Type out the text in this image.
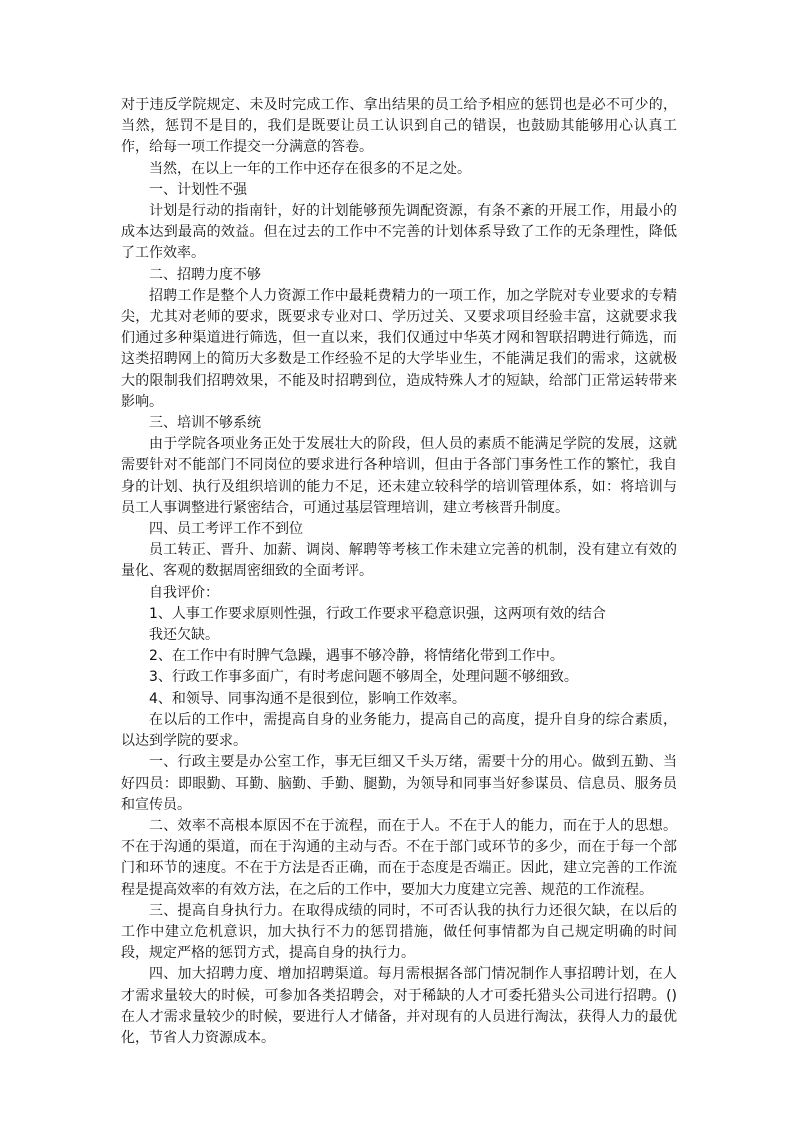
对于违反学院规定、未及时完成工作、拿出结果的员工给予相应的惩罚也是必不可少的，当然，惩罚不是目的，我们是既要让员工认识到自己的错误，也鼓励其能够用心认真工作，给每一项工作提交一分满意的答卷。

当然，在以上一年的工作中还存在很多的不足之处。

一、计划性不强

计划是行动的指南针，好的计划能够预先调配资源，有条不紊的开展工作，用最小的成本达到最高的效益。但在过去的工作中不完善的计划体系导致了工作的无条理性，降低了工作效率。

二、招聘力度不够

招聘工作是整个人力资源工作中最耗费精力的一项工作，加之学院对专业要求的专精尖，尤其对老师的要求，既要求专业对口、学历过关、又要求项目经验丰富，这就要求我们通过多种渠道进行筛选，但一直以来，我们仅通过中华英才网和智联招聘进行筛选，而这类招聘网上的简历大多数是工作经验不足的大学毕业生，不能满足我们的需求，这就极大的限制我们招聘效果，不能及时招聘到位，造成特殊人才的短缺，给部门正常运转带来影响。

三、培训不够系统

由于学院各项业务正处于发展壮大的阶段，但人员的素质不能满足学院的发展，这就需要针对不能部门不同岗位的要求进行各种培训，但由于各部门事务性工作的繁忙，我自身的计划、执行及组织培训的能力不足，还未建立较科学的培训管理体系，如：将培训与员工人事调整进行紧密结合，可通过基层管理培训，建立考核晋升制度。

四、员工考评工作不到位

员工转正、晋升、加薪、调岗、解聘等考核工作未建立完善的机制，没有建立有效的量化、客观的数据周密细致的全面考评。

自我评价：

1、人事工作要求原则性强，行政工作要求平稳意识强，这两项有效的结合

我还欠缺。

2、在工作中有时脾气急躁，遇事不够冷静，将情绪化带到工作中。

3、行政工作事多面广，有时考虑问题不够周全，处理问题不够细致。

4、和领导、同事沟通不是很到位，影响工作效率。

在以后的工作中，需提高自身的业务能力，提高自己的高度，提升自身的综合素质，以达到学院的要求。

一、行政主要是办公室工作，事无巨细又千头万绪，需要十分的用心。做到五勤、当好四员：即眼勤、耳勤、脑勤、手勤、腿勤，为领导和同事当好参谋员、信息员、服务员和宣传员。

二、效率不高根本原因不在于流程，而在于人。不在于人的能力，而在于人的思想。不在于沟通的渠道，而在于沟通的主动与否。不在于部门或环节的多少，而在于每一个部门和环节的速度。不在于方法是否正确，而在于态度是否端正。因此，建立完善的工作流程是提高效率的有效方法，在之后的工作中，要加大力度建立完善、规范的工作流程。

三、提高自身执行力。在取得成绩的同时，不可否认我的执行力还很欠缺，在以后的工作中建立危机意识，加大执行不力的惩罚措施，做任何事情都为自己规定明确的时间段，规定严格的惩罚方式，提高自身的执行力。

四、加大招聘力度、增加招聘渠道。每月需根据各部门情况制作人事招聘计划，在人才需求量较大的时候，可参加各类招聘会，对于稀缺的人才可委托猎头公司进行招聘。()在人才需求量较少的时候，要进行人才储备，并对现有的人员进行淘汰，获得人力的最优化，节省人力资源成本。
